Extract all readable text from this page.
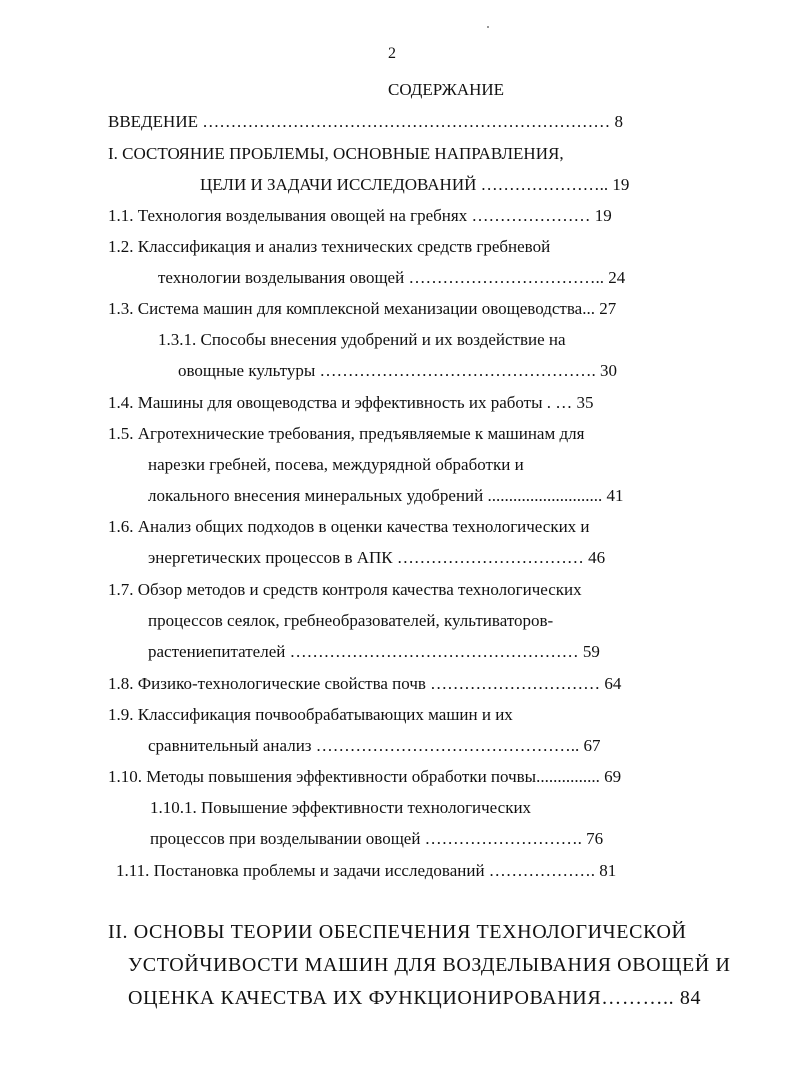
2
СОДЕРЖАНИЕ
ВВЕДЕНИЕ ……………………………………………………………… 8
I. СОСТОЯНИЕ ПРОБЛЕМЫ, ОСНОВНЫЕ НАПРАВЛЕНИЯ,
ЦЕЛИ И ЗАДАЧИ ИССЛЕДОВАНИЙ ………………….. 19
1.1. Технология возделывания овощей на гребнях ………………… 19
1.2. Классификация и анализ технических средств гребневой
технологии возделывания овощей …………………………….. 24
1.3. Система машин для комплексной механизации овощеводства... 27
1.3.1. Способы внесения удобрений и их воздействие на
овощные культуры …………………………………………. 30
1.4. Машины для овощеводства и эффективность их работы . … 35
1.5. Агротехнические требования, предъявляемые к машинам для
нарезки гребней, посева, междурядной обработки и
локального внесения минеральных удобрений ........................... 41
1.6. Анализ общих подходов в оценки качества технологических и
энергетических процессов в АПК …………………………… 46
1.7. Обзор методов и средств контроля качества технологических
процессов сеялок, гребнеобразователей, культиваторов-
растениепитателей …………………………………………… 59
1.8. Физико-технологические свойства почв ………………………… 64
1.9. Классификация почвообрабатывающих машин и их
сравнительный анализ ……………………………………….. 67
1.10. Методы повышения эффективности обработки почвы............... 69
1.10.1. Повышение эффективности технологических
процессов при возделывании овощей ………………………. 76
1.11. Постановка проблемы и задачи исследований ………………. 81
II. ОСНОВЫ ТЕОРИИ ОБЕСПЕЧЕНИЯ ТЕХНОЛОГИЧЕСКОЙ
УСТОЙЧИВОСТИ МАШИН ДЛЯ ВОЗДЕЛЫВАНИЯ ОВОЩЕЙ И
ОЦЕНКА КАЧЕСТВА ИХ ФУНКЦИОНИРОВАНИЯ……….. 84
